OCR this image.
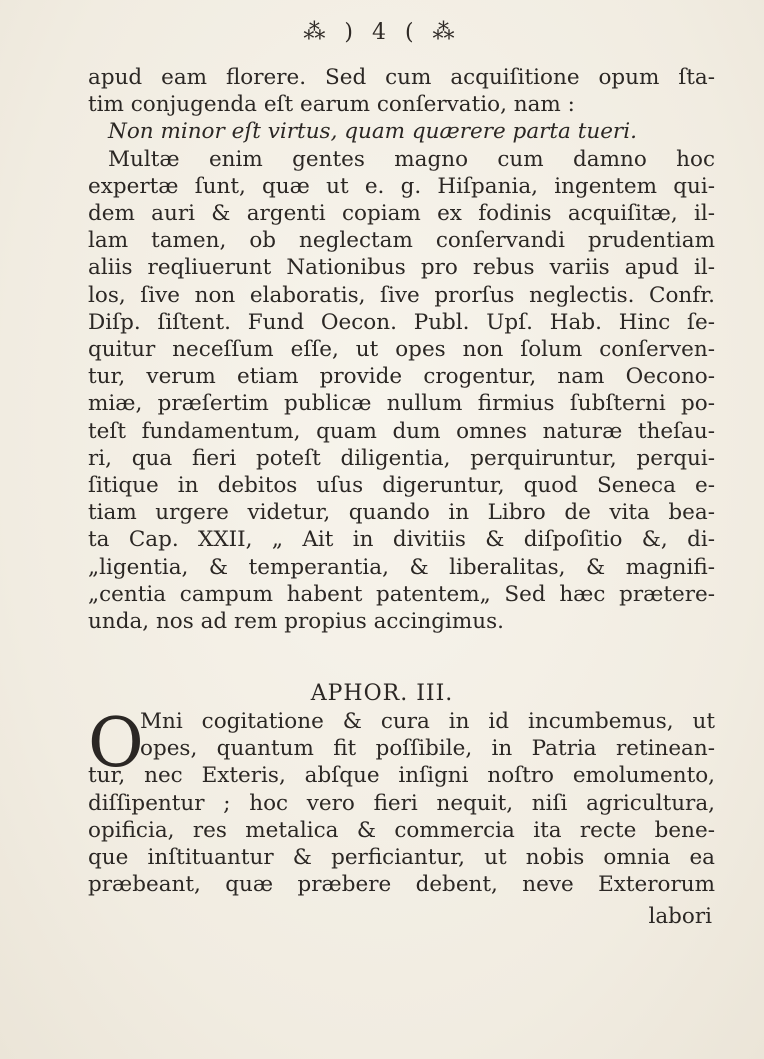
⁂ ) 4 ( ⁂
apud eam florere. Sed cum acquiſitione opum ſta-
tim conjugenda eſt earum conſervatio, nam :
Non minor eſt virtus, quam quærere parta tueri.
Multæ enim gentes magno cum damno hoc
expertæ ſunt, quæ ut e. g. Hiſpania, ingentem qui-
dem auri & argenti copiam ex fodinis acquiſitæ, il-
lam tamen, ob neglectam conſervandi prudentiam
aliis reqliuerunt Nationibus pro rebus variis apud il-
los, ſive non elaboratis, ſive prorſus neglectis. Confr.
Diſp. ſiſtent. Fund Oecon. Publ. Upſ. Hab. Hinc ſe-
quitur neceſſum eſſe, ut opes non ſolum conſerven-
tur, verum etiam provide crogentur, nam Oecono-
miæ, præſertim publicæ nullum firmius ſubſterni po-
teſt fundamentum, quam dum omnes naturæ theſau-
ri, qua fieri poteſt diligentia, perquiruntur, perqui-
ſitique in debitos uſus digeruntur, quod Seneca e-
tiam urgere videtur, quando in Libro de vita bea-
ta Cap. XXII, „ Ait in divitiis & diſpoſitio &, di-
„ligentia, & temperantia, & liberalitas, & magnifi-
„centia campum habent patentem„ Sed hæc prætere-
unda, nos ad rem propius accingimus.
APHOR. III.
O
Mni cogitatione & cura in id incumbemus, ut
opes, quantum fit poſſibile, in Patria retinean-
tur, nec Exteris, abſque inſigni noſtro emolumento,
diſſipentur ; hoc vero fieri nequit, niſi agricultura,
opificia, res metalica & commercia ita recte bene-
que inſtituantur & perficiantur, ut nobis omnia ea
præbeant, quæ præbere debent, neve Exterorum
labori
